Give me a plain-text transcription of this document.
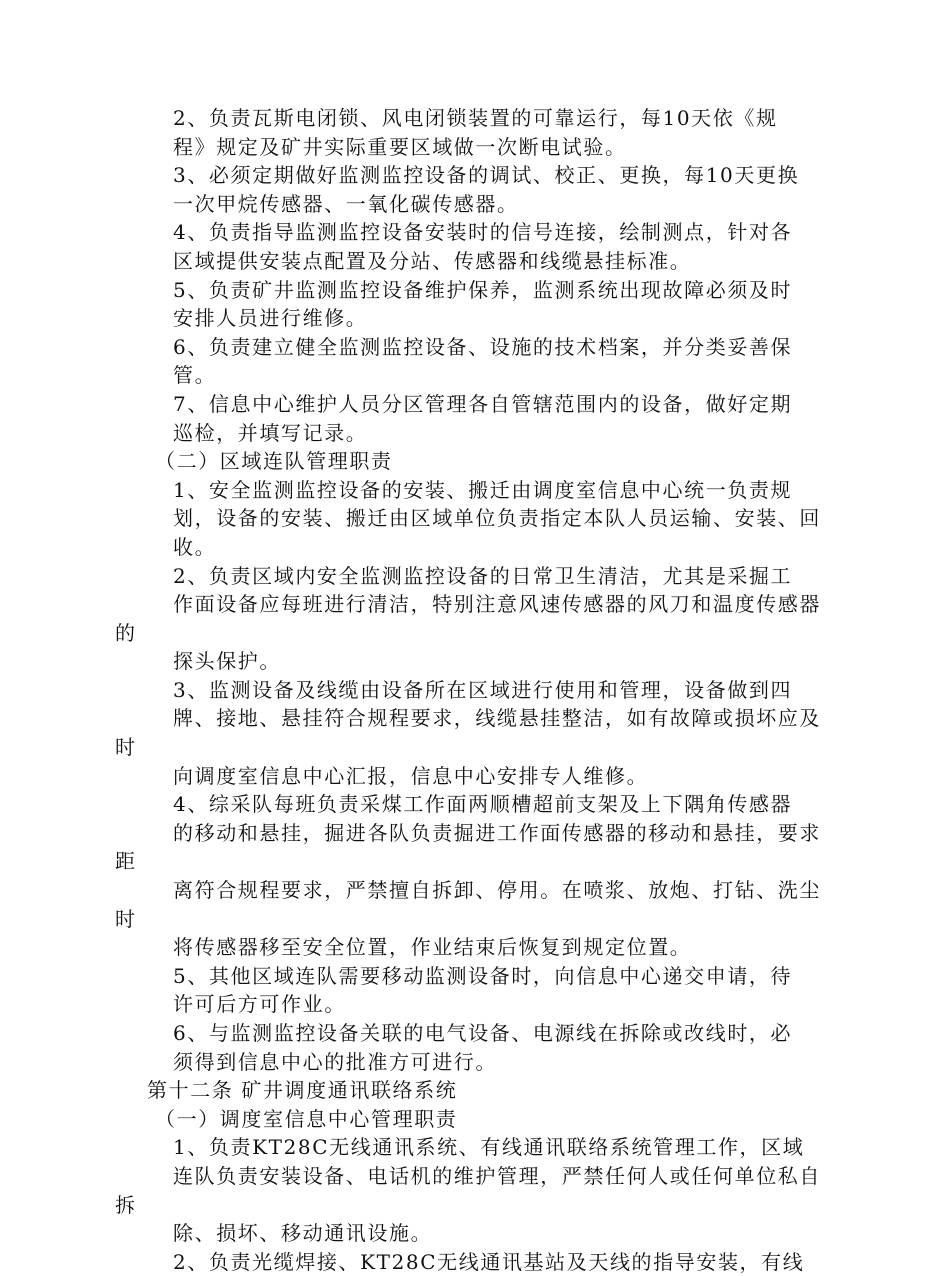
2、负责瓦斯电闭锁、风电闭锁装置的可靠运行，每10天依《规
程》规定及矿井实际重要区域做一次断电试验。

3、必须定期做好监测监控设备的调试、校正、更换，每10天更换
一次甲烷传感器、一氧化碳传感器。

4、负责指导监测监控设备安装时的信号连接，绘制测点，针对各
区域提供安装点配置及分站、传感器和线缆悬挂标准。

5、负责矿井监测监控设备维护保养，监测系统出现故障必须及时
安排人员进行维修。

6、负责建立健全监测监控设备、设施的技术档案，并分类妥善保
管。

7、信息中心维护人员分区管理各自管辖范围内的设备，做好定期
巡检，并填写记录。

（二）区域连队管理职责

1、安全监测监控设备的安装、搬迁由调度室信息中心统一负责规
划，设备的安装、搬迁由区域单位负责指定本队人员运输、安装、回
收。

2、负责区域内安全监测监控设备的日常卫生清洁，尤其是采掘工
作面设备应每班进行清洁，特别注意风速传感器的风刀和温度传感器的
探头保护。

3、监测设备及线缆由设备所在区域进行使用和管理，设备做到四
牌、接地、悬挂符合规程要求，线缆悬挂整洁，如有故障或损坏应及时
向调度室信息中心汇报，信息中心安排专人维修。

4、综采队每班负责采煤工作面两顺槽超前支架及上下隅角传感器
的移动和悬挂，掘进各队负责掘进工作面传感器的移动和悬挂，要求距
离符合规程要求，严禁擅自拆卸、停用。在喷浆、放炮、打钻、洗尘时
将传感器移至安全位置，作业结束后恢复到规定位置。

5、其他区域连队需要移动监测设备时，向信息中心递交申请，待
许可后方可作业。

6、与监测监控设备关联的电气设备、电源线在拆除或改线时，必
须得到信息中心的批准方可进行。

第十二条 矿井调度通讯联络系统

（一）调度室信息中心管理职责

1、负责KT28C无线通讯系统、有线通讯联络系统管理工作，区域
连队负责安装设备、电话机的维护管理，严禁任何人或任何单位私自拆
除、损坏、移动通讯设施。

2、负责光缆焊接、KT28C无线通讯基站及天线的指导安装，有线
